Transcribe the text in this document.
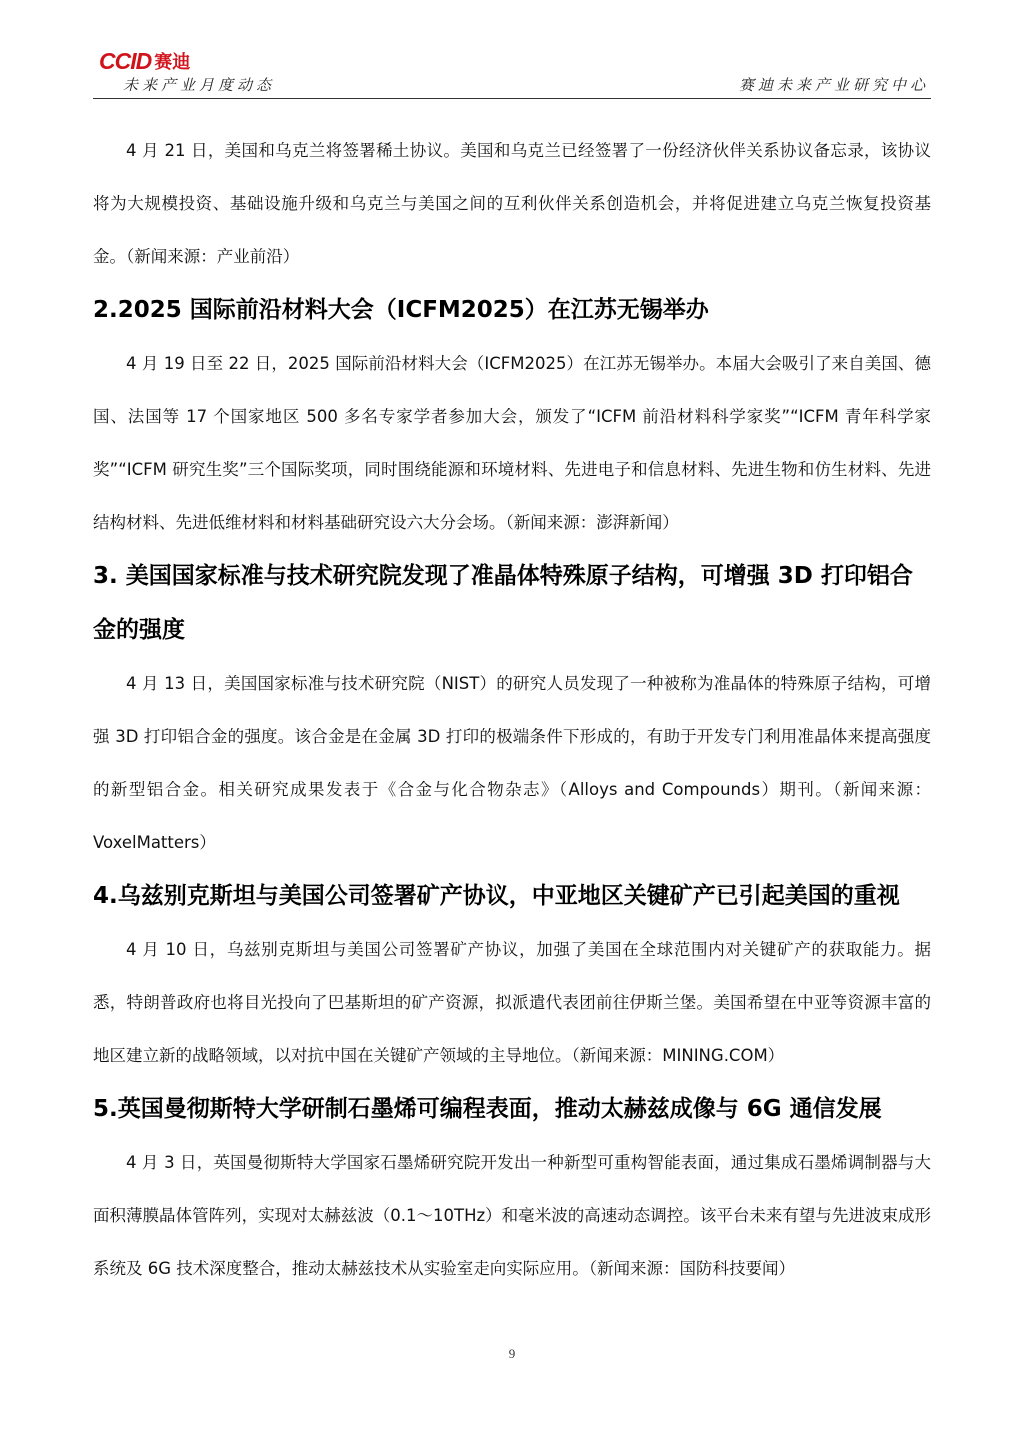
CCID 赛迪
未来产业月度动态	赛迪未来产业研究中心

4 月 21 日，美国和乌克兰将签署稀土协议。美国和乌克兰已经签署了一份经济伙伴关系协议备忘录，该协议将为大规模投资、基础设施升级和乌克兰与美国之间的互利伙伴关系创造机会，并将促进建立乌克兰恢复投资基金。（新闻来源：产业前沿）

2.2025 国际前沿材料大会（ICFM2025）在江苏无锡举办

4 月 19 日至 22 日，2025 国际前沿材料大会（ICFM2025）在江苏无锡举办。本届大会吸引了来自美国、德国、法国等 17 个国家地区 500 多名专家学者参加大会，颁发了“ICFM 前沿材料科学家奖”“ICFM 青年科学家奖”“ICFM 研究生奖”三个国际奖项，同时围绕能源和环境材料、先进电子和信息材料、先进生物和仿生材料、先进结构材料、先进低维材料和材料基础研究设六大分会场。（新闻来源：澎湃新闻）

3. 美国国家标准与技术研究院发现了准晶体特殊原子结构，可增强 3D 打印铝合金的强度

4 月 13 日，美国国家标准与技术研究院（NIST）的研究人员发现了一种被称为准晶体的特殊原子结构，可增强 3D 打印铝合金的强度。该合金是在金属 3D 打印的极端条件下形成的，有助于开发专门利用准晶体来提高强度的新型铝合金。相关研究成果发表于《合金与化合物杂志》（Alloys and Compounds）期刊。（新闻来源：VoxelMatters）

4.乌兹别克斯坦与美国公司签署矿产协议，中亚地区关键矿产已引起美国的重视

4 月 10 日，乌兹别克斯坦与美国公司签署矿产协议，加强了美国在全球范围内对关键矿产的获取能力。据悉，特朗普政府也将目光投向了巴基斯坦的矿产资源，拟派遣代表团前往伊斯兰堡。美国希望在中亚等资源丰富的地区建立新的战略领域，以对抗中国在关键矿产领域的主导地位。（新闻来源：MINING.COM）

5.英国曼彻斯特大学研制石墨烯可编程表面，推动太赫兹成像与 6G 通信发展

4 月 3 日，英国曼彻斯特大学国家石墨烯研究院开发出一种新型可重构智能表面，通过集成石墨烯调制器与大面积薄膜晶体管阵列，实现对太赫兹波（0.1～10THz）和毫米波的高速动态调控。该平台未来有望与先进波束成形系统及 6G 技术深度整合，推动太赫兹技术从实验室走向实际应用。（新闻来源：国防科技要闻）

9
